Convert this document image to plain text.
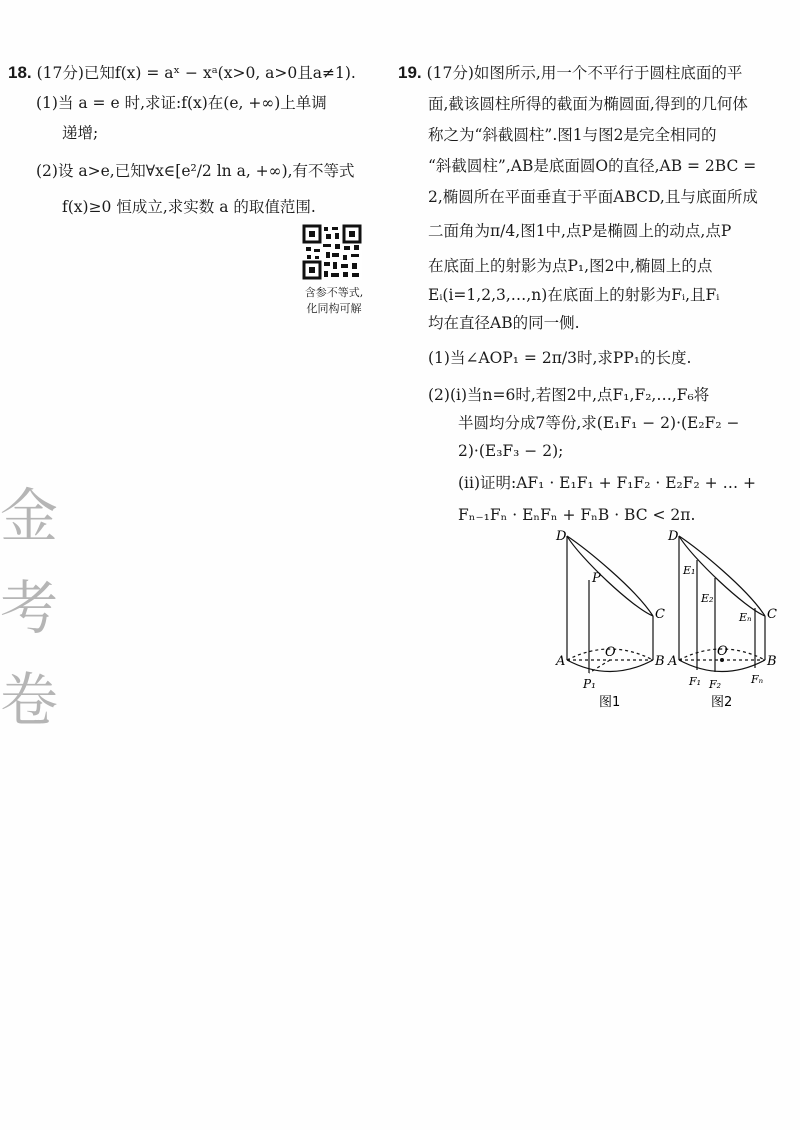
18. (17分)已知f(x) = aˣ − xᵃ(x>0, a>0且a≠1).
(1)当 a = e 时,求证:f(x)在(e, +∞)上单调
递增;
(2)设 a>e,已知∀x∈[e²/2 ln a, +∞),有不等式
f(x)≥0 恒成立,求实数 a 的取值范围.
含参不等式,
化同构可解
金
考
卷
19. (17分)如图所示,用一个不平行于圆柱底面的平
面,截该圆柱所得的截面为椭圆面,得到的几何体
称之为“斜截圆柱”.图1与图2是完全相同的
“斜截圆柱”,AB是底面圆O的直径,AB = 2BC =
2,椭圆所在平面垂直于平面ABCD,且与底面所成
二面角为π/4,图1中,点P是椭圆上的动点,点P
在底面上的射影为点P₁,图2中,椭圆上的点
Eᵢ(i=1,2,3,…,n)在底面上的射影为Fᵢ,且Fᵢ
均在直径AB的同一侧.
(1)当∠AOP₁ = 2π/3时,求PP₁的长度.
(2)(i)当n=6时,若图2中,点F₁,F₂,…,F₆将
半圆均分成7等份,求(E₁F₁ − 2)·(E₂F₂ −
2)·(E₃F₃ − 2);
(ii)证明:AF₁ · E₁F₁ + F₁F₂ · E₂F₂ + … +
Fₙ₋₁Fₙ · EₙFₙ + FₙB · BC < 2π.
D
P
C
A
O
B
P₁
图1
D
E₁
E₂
Eₙ C
A
O
B
F₁ F₂	Fₙ
图2
